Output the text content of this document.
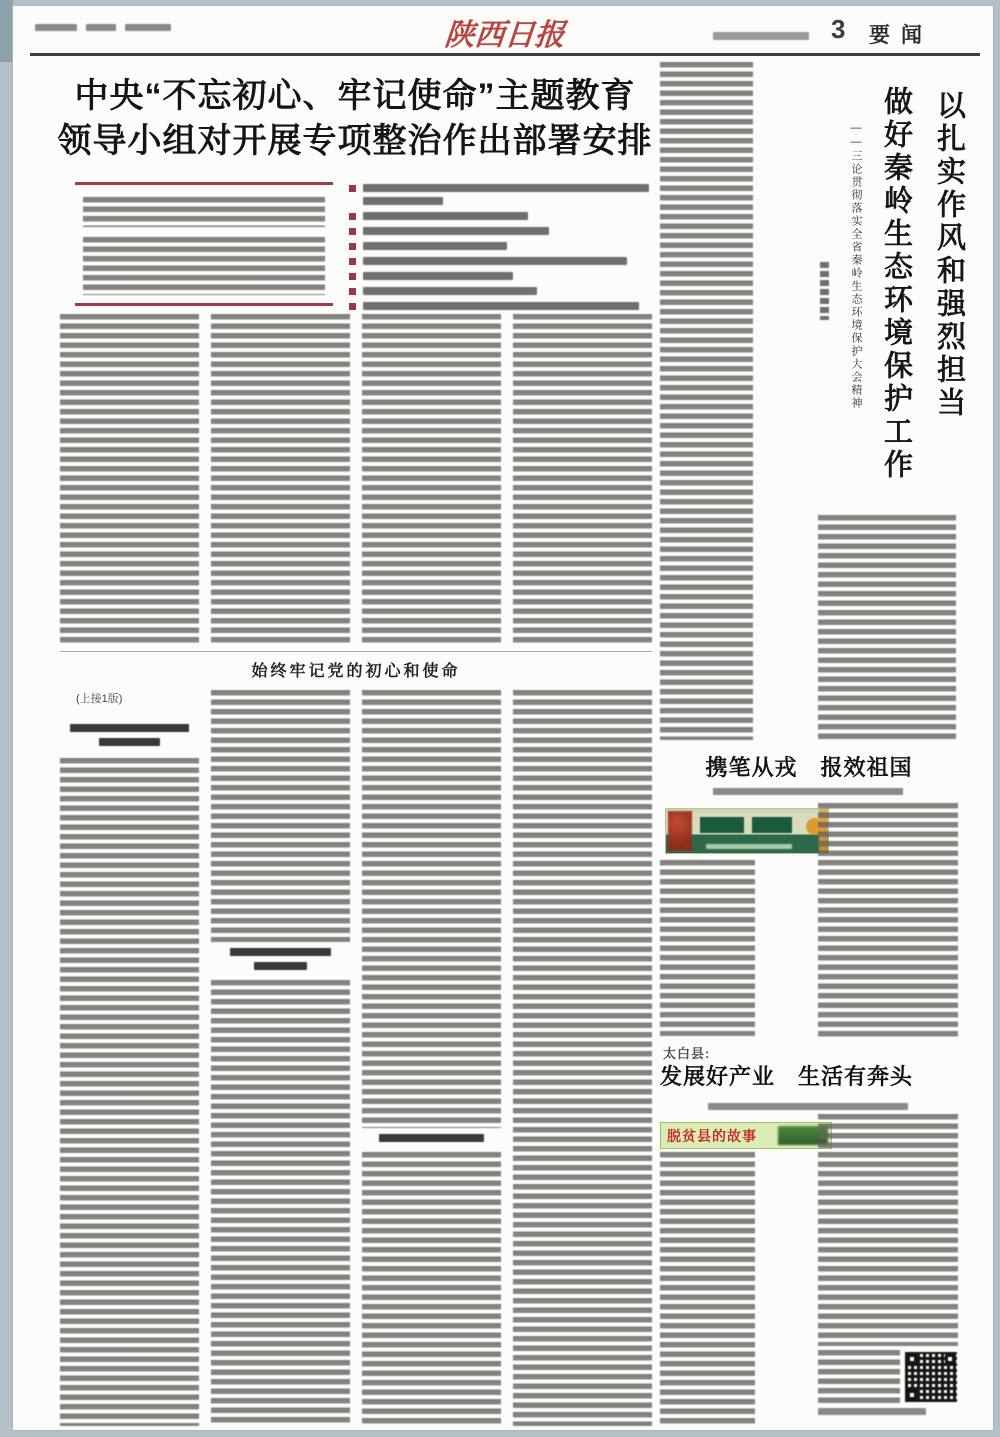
陕西日报	3 要闻
中央“不忘初心、牢记使命”主题教育
领导小组对开展专项整治作出部署安排
始终牢记党的初心和使命
(上接1版)
——三论贯彻落实全省秦岭生态环境保护大会精神 做好秦岭生态环境保护工作 以扎实作风和强烈担当
携笔从戎　报效祖国
太白县:
发展好产业　生活有奔头
脱贫县的故事
